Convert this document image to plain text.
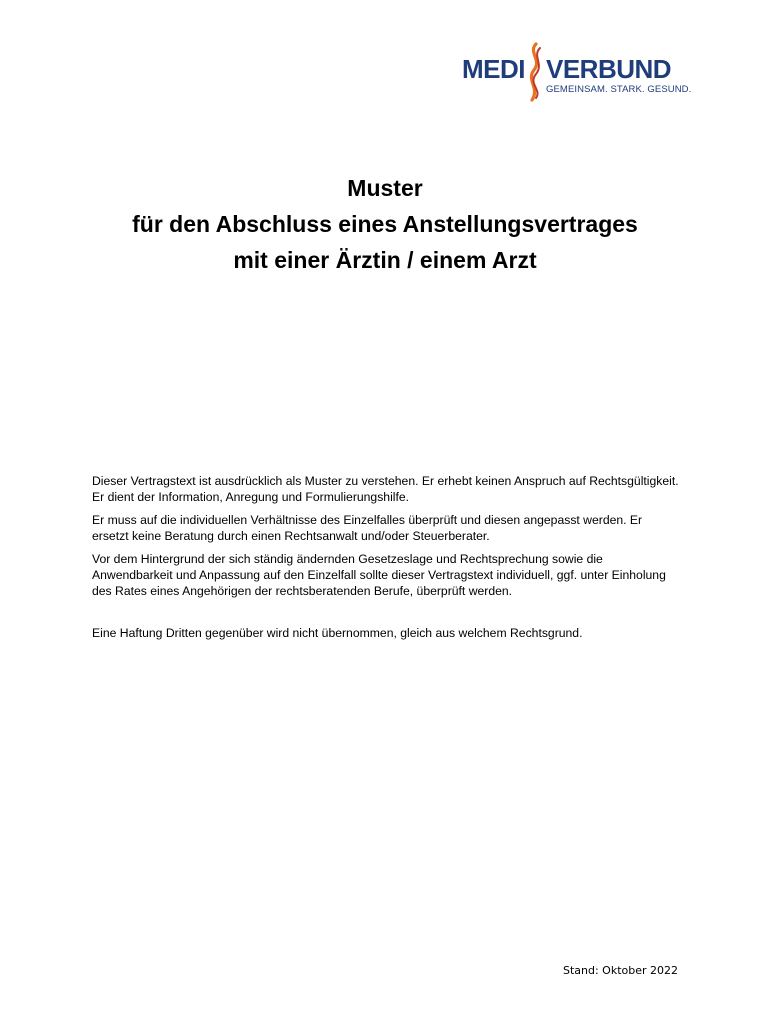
MEDI VERBUND
GEMEINSAM. STARK. GESUND.

Muster

für den Abschluss eines Anstellungsvertrages

mit einer Ärztin / einem Arzt

Dieser Vertragstext ist ausdrücklich als Muster zu verstehen. Er erhebt keinen Anspruch auf Rechtsgültigkeit. Er dient der Information, Anregung und Formulierungshilfe.

Er muss auf die individuellen Verhältnisse des Einzelfalles überprüft und diesen angepasst werden. Er ersetzt keine Beratung durch einen Rechtsanwalt und/oder Steuerberater.

Vor dem Hintergrund der sich ständig ändernden Gesetzeslage und Rechtsprechung sowie die Anwendbarkeit und Anpassung auf den Einzelfall sollte dieser Vertragstext individuell, ggf. unter Einholung des Rates eines Angehörigen der rechtsberatenden Berufe, überprüft werden.

Eine Haftung Dritten gegenüber wird nicht übernommen, gleich aus welchem Rechtsgrund.

Stand: Oktober 2022
